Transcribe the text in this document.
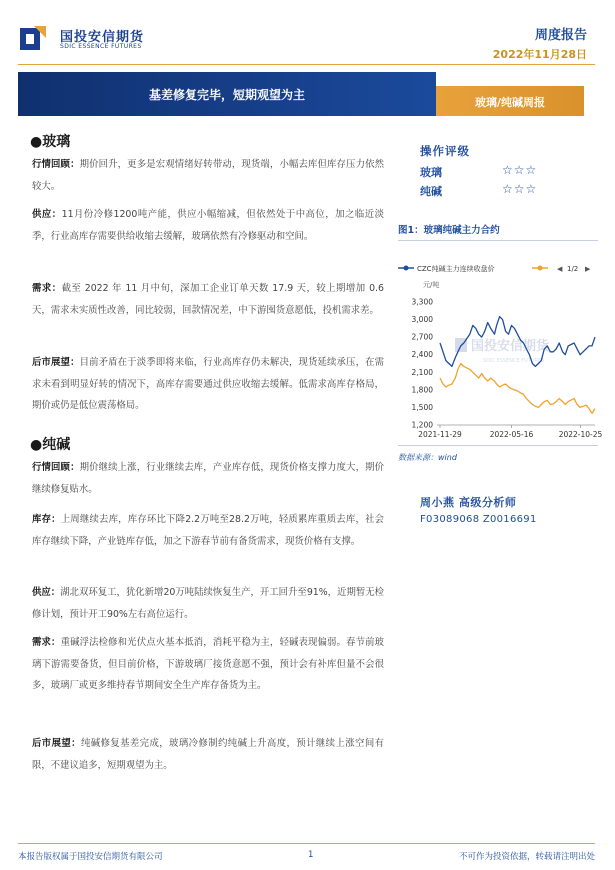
国投安信期货
SDIC ESSENCE FUTURES
周度报告
2022年11月28日
基差修复完毕，短期观望为主
玻璃/纯碱周报
●玻璃
行情回顾：期价回升，更多是宏观情绪好转带动，现货端，小幅去库但库存压力依然较大。
供应：11月份冷修1200吨产能，供应小幅缩减，但依然处于中高位，加之临近淡季，行业高库存需要供给收缩去缓解，玻璃依然有冷修驱动和空间。
需求：截至 2022 年 11 月中旬，深加工企业订单天数 17.9 天，较上期增加 0.6天，需求未实质性改善，同比较弱，回款情况差，中下游囤货意愿低，投机需求差。
后市展望：目前矛盾在于淡季即将来临，行业高库存仍未解决，现货延续承压，在需求未看到明显好转的情况下，高库存需要通过供应收缩去缓解。低需求高库存格局，期价或仍是低位震荡格局。
●纯碱
行情回顾：期价继续上涨，行业继续去库，产业库存低，现货价格支撑力度大，期价继续修复贴水。
库存：上周继续去库，库存环比下降2.2万吨至28.2万吨，轻质累库重质去库，社会库存继续下降，产业链库存低，加之下游春节前有备货需求，现货价格有支撑。
供应：湖北双环复工，犹化新增20万吨陆续恢复生产，开工回升至91%，近期暂无检修计划，预计开工90%左右高位运行。
需求：重碱浮法检修和光伏点火基本抵消，消耗平稳为主，轻碱表现偏弱。春节前玻璃下游需要备货，但目前价格，下游玻璃厂接货意愿不强，预计会有补库但量不会很多，玻璃厂或更多维持春节期间安全生产库存备货为主。
后市展望：纯碱修复基差完成，玻璃冷修制约纯碱上升高度，预计继续上涨空间有限，不建议追多，短期观望为主。
操作评级
玻璃	☆☆☆
纯碱	☆☆☆
图1：玻璃纯碱主力合约
CZC纯碱主力连续收盘价	◀ 1/2 ▶
元/吨
国投安信期货
SDIC ESSENCE FUTURES
1,200
1,500
1,800
2,100
2,400
2,700
3,000
3,300
2021-11-29	2022-05-16	2022-10-25
数据来源：wind
周小燕 高级分析师
F03089068 Z0016691
本报告版权属于国投安信期货有限公司	1	不可作为投资依据，转载请注明出处
